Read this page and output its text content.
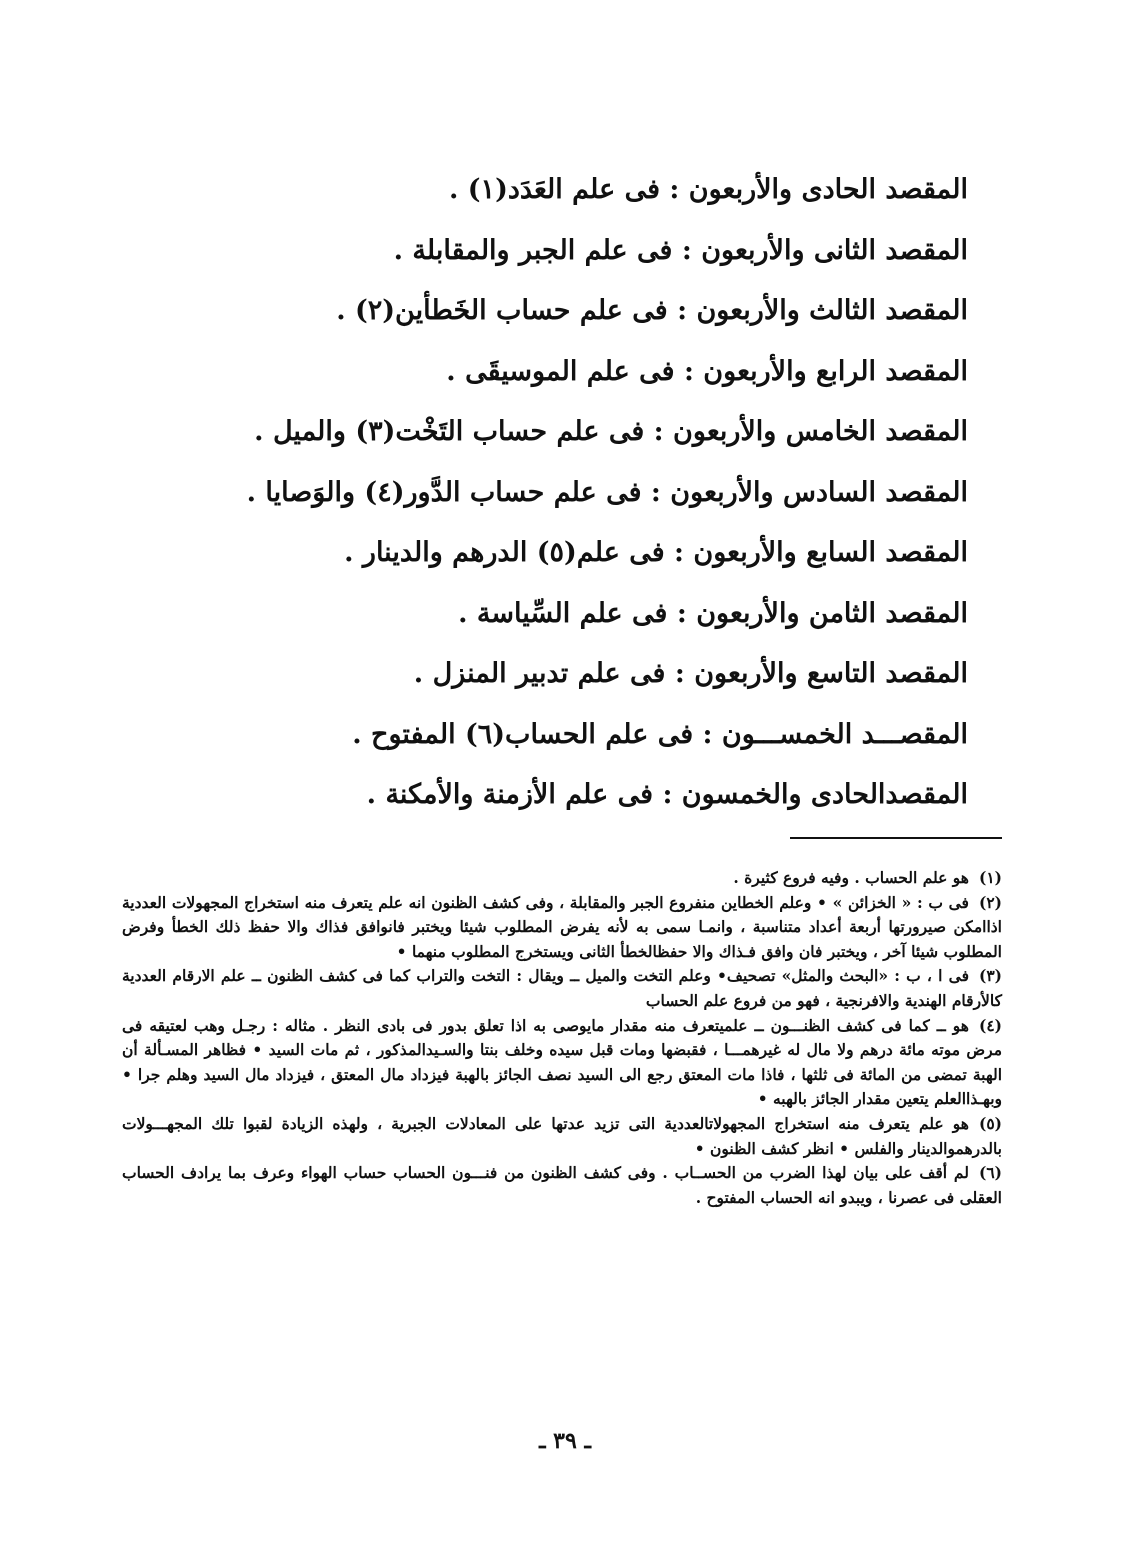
المقصد الحادى والأربعون : فى علم العَدَد(١) .
المقصد الثانى والأربعون : فى علم الجبر والمقابلة .
المقصد الثالث والأربعون : فى علم حساب الخَطأين(٢) .
المقصد الرابع والأربعون : فى علم الموسيقَى .
المقصد الخامس والأربعون : فى علم حساب التَخْت(٣) والميل .
المقصد السادس والأربعون : فى علم حساب الدَّور(٤) والوَصايا .
المقصد السابع والأربعون : فى علم(٥) الدرهم والدينار .
المقصد الثامن والأربعون : فى علم السِّياسة .
المقصد التاسع والأربعون : فى علم تدبير المنزل .
المقصـــد الخمســـون : فى علم الحساب(٦) المفتوح .
المقصدالحادى والخمسون : فى علم الأزمنة والأمكنة .

(١)هو علم الحساب . وفيه فروع كثيرة .

(٢)فى ب : « الخزائن » • وعلم الخطاين منفروع الجبر والمقابلة ، وفى كشف الظنون انه علم يتعرف منه استخراج المجهولات العددية اذاامكن صيرورتها أربعة أعداد متناسبة ، وانمـا سمى به لأنه يفرض المطلوب شيئا ويختبر فانوافق فذاك والا حفظ ذلك الخطأ وفرض المطلوب شيئا آخر ، ويختبر فان وافق فـذاك والا حفظالخطأ الثانى ويستخرج المطلوب منهما •

(٣)فى ا ، ب : «البحث والمثل» تصحيف• وعلم التخت والميل ــ ويقال : التخت والتراب كما فى كشف الظنون ــ علم الارقام العددية كالأرقام الهندية والافرنجية ، فهو من فروع علم الحساب

(٤)هو ــ كما فى كشف الظنـــون ــ علميتعرف منه مقدار مايوصى به اذا تعلق بدور فى بادى النظر . مثاله : رجـل وهب لعتيقه فى مرض موته مائة درهم ولا مال له غيرهمـــا ، فقبضها ومات قبل سيده وخلف بنتا والسـيدالمذكور ، ثم مات السيد • فظاهر المسـألة أن الهبة تمضى من المائة فى ثلثها ، فاذا مات المعتق رجع الى السيد نصف الجائز بالهبة فيزداد مال المعتق ، فيزداد مال السيد وهلم جرا • وبهـذاالعلم يتعين مقدار الجائز بالهبه •

(٥)هو علم يتعرف منه استخراج المجهولاتالعددية التى تزيد عدتها على المعادلات الجبرية ، ولهذه الزيادة لقبوا تلك المجهـــولات بالدرهموالدينار والفلس • انظر كشف الظنون •

(٦)لم أقف على بيان لهذا الضرب من الحســاب . وفى كشف الظنون من فنـــون الحساب حساب الهواء وعرف بما يرادف الحساب العقلى فى عصرنا ، ويبدو انه الحساب المفتوح .

ـ ٣٩ ـ
